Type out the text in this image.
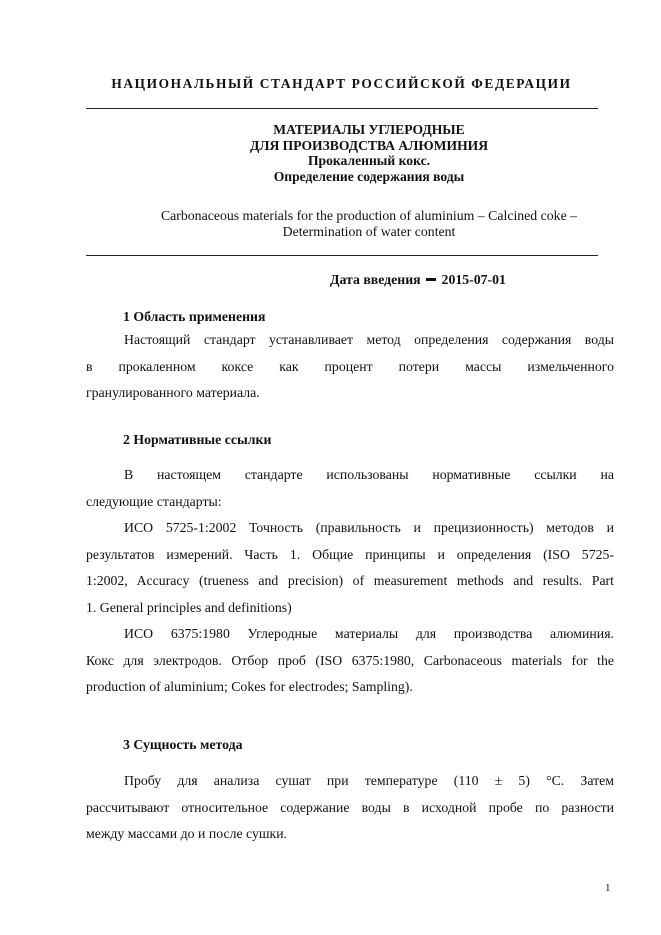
НАЦИОНАЛЬНЫЙ СТАНДАРТ РОССИЙСКОЙ ФЕДЕРАЦИИ
МАТЕРИАЛЫ УГЛЕРОДНЫЕ
ДЛЯ ПРОИЗВОДСТВА АЛЮМИНИЯ
Прокаленный кокс.
Определение содержания воды
Carbonaceous materials for the production of aluminium – Calcined coke –
Determination of water content
Дата введения 2015-07-01
1 Область применения
Настоящий стандарт устанавливает метод определения содержания воды
в прокаленном коксе как процент потери массы измельченного
гранулированного материала.
2 Нормативные ссылки
В настоящем стандарте использованы нормативные ссылки на
следующие стандарты:
ИСО 5725-1:2002 Точность (правильность и прецизионность) методов и
результатов измерений. Часть 1. Общие принципы и определения (ISO 5725-
1:2002, Accuracy (trueness and precision) of measurement methods and results. Part
1. General principles and definitions)
ИСО 6375:1980 Углеродные материалы для производства алюминия.
Кокс для электродов. Отбор проб (ISO 6375:1980, Carbonaceous materials for the
production of aluminium; Cokes for electrodes; Sampling).
3 Сущность метода
Пробу для анализа сушат при температуре (110 ± 5) °С. Затем
рассчитывают относительное содержание воды в исходной пробе по разности
между массами до и после сушки.
1
